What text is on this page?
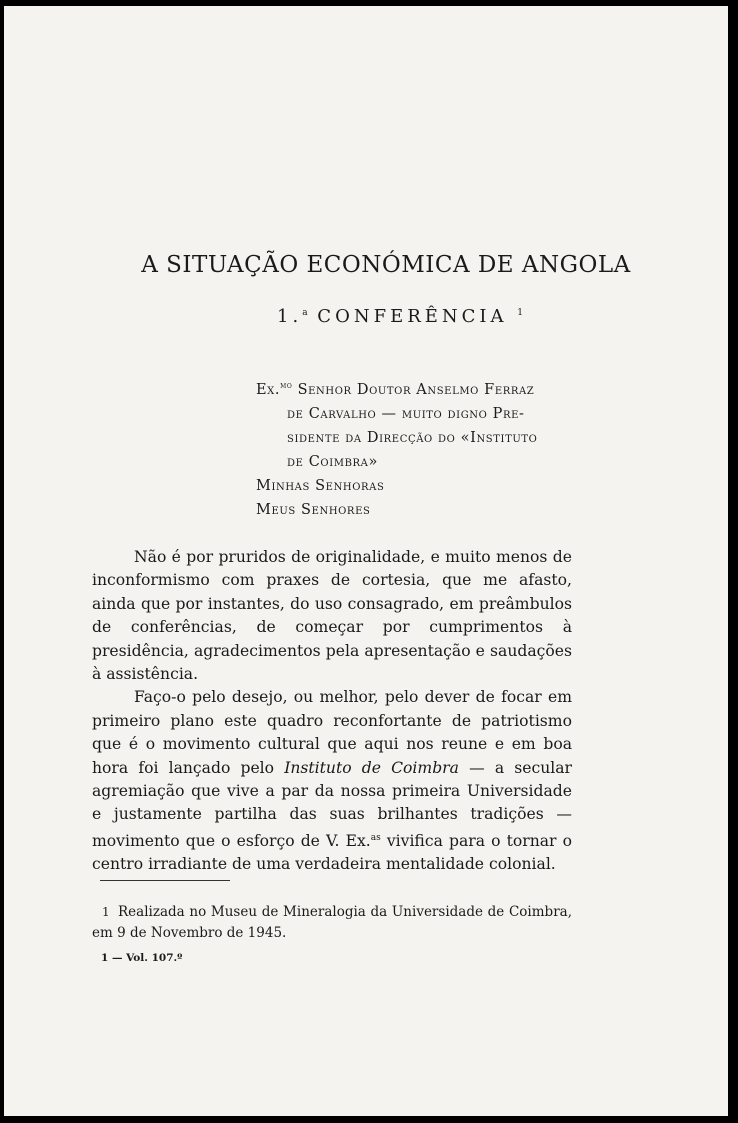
A SITUAÇÃO ECONÓMICA DE ANGOLA
1.$^a$ CONFERÊNCIA $^1$
Ex.$^{mo}$ Senhor Doutor Anselmo Ferraz
de Carvalho — muito digno Pre-
sidente da Direcção do «Instituto
de Coimbra»
Minhas Senhoras
Meus Senhores

Não é por pruridos de originalidade, e muito menos de inconformismo com praxes de cortesia, que me afasto, ainda que por instantes, do uso consagrado, em preâmbulos de conferências, de começar por cumprimentos à presidência, agradecimentos pela apresentação e saudações à assistência.

Faço-o pelo desejo, ou melhor, pelo dever de focar em primeiro plano este quadro reconfortante de patriotismo que é o movimento cultural que aqui nos reune e em boa hora foi lançado pelo Instituto de Coimbra — a secular agremiação que vive a par da nossa primeira Universidade e justamente partilha das suas brilhantes tradições — movimento que o esforço de V. Ex.$^{as}$ vivifica para o tornar o centro irradiante de uma verdadeira mentalidade colonial.

1 Realizada no Museu de Mineralogia da Universidade de Coimbra, em 9 de Novembro de 1945.
1 — Vol. 107.º
